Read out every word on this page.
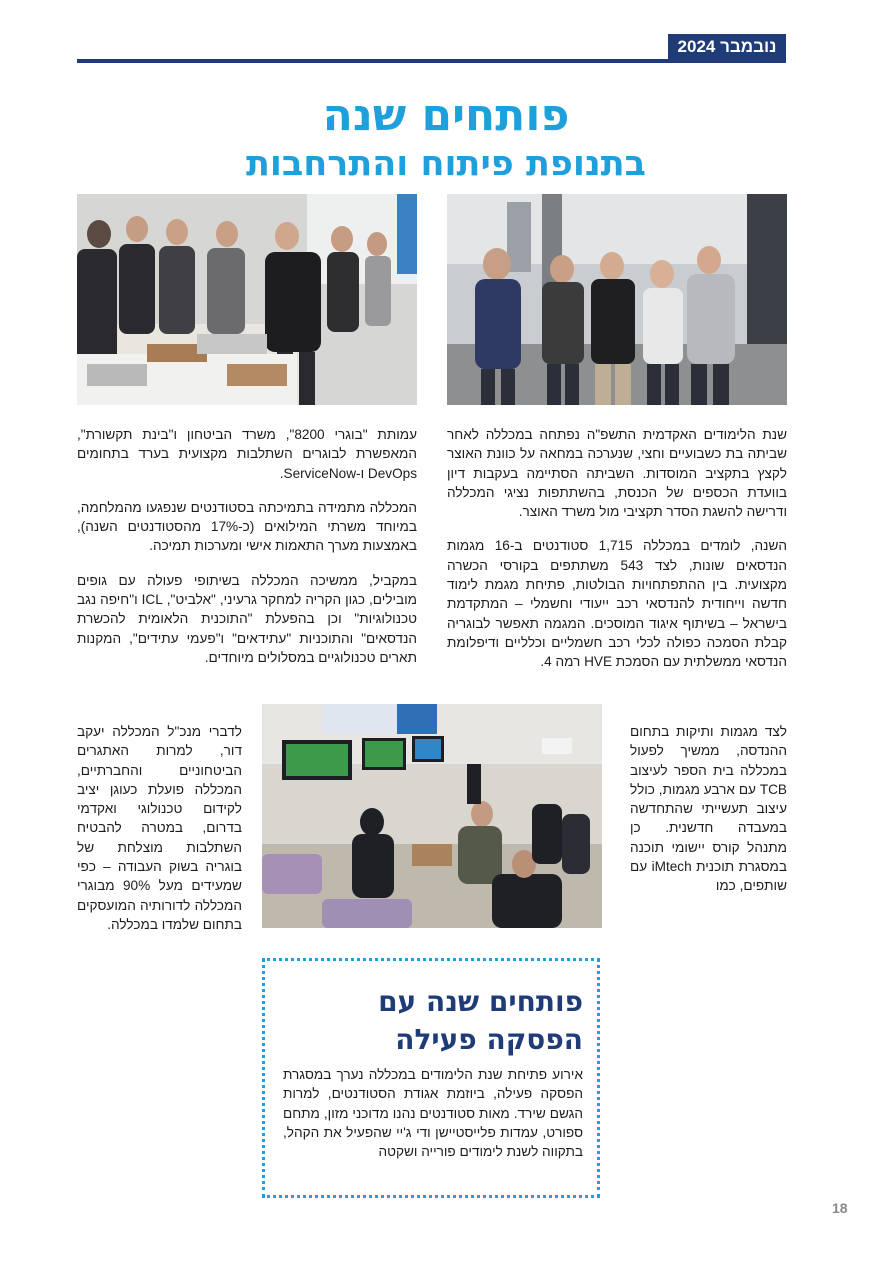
נובמבר 2024
פותחים שנה
בתנופת פיתוח והתרחבות

שנת הלימודים האקדמית התשפ"ה נפתחה במכללה לאחר שביתה בת כשבועיים וחצי, שנערכה במחאה על כוונת האוצר לקצץ בתקציב המוסדות. השביתה הסתיימה בעקבות דיון בוועדת הכספים של הכנסת, בהשתתפות נציגי המכללה ודרישה להשגת הסדר תקציבי מול משרד האוצר.

השנה, לומדים במכללה 1,715 סטודנטים ב-16 מגמות הנדסאים שונות, לצד 543 משתתפים בקורסי הכשרה מקצועית. בין ההתפתחויות הבולטות, פתיחת מגמת לימוד חדשה וייחודית להנדסאי רכב ייעודי וחשמלי – המתקדמת בישראל – בשיתוף איגוד המוסכים. המגמה תאפשר לבוגריה קבלת הסמכה כפולה לכלי רכב חשמליים וכלליים ודיפלומת הנדסאי ממשלתית עם הסמכת HVE רמה 4.

עמותת "בוגרי 8200", משרד הביטחון ו"בינת תקשורת", המאפשרת לבוגרים השתלבות מקצועית בערד בתחומים DevOps ו-ServiceNow.

המכללה מתמידה בתמיכתה בסטודנטים שנפגעו מהמלחמה, במיוחד משרתי המילואים (כ-17% מהסטודנטים השנה), באמצעות מערך התאמות אישי ומערכות תמיכה.

במקביל, ממשיכה המכללה בשיתופי פעולה עם גופים מובילים, כגון הקריה למחקר גרעיני, "אלביט", ICL ו"חיפה נגב טכנולוגיות" וכן בהפעלת "התוכנית הלאומית להכשרת הנדסאים" והתוכניות "עתידאים" ו"פעמי עתידים", המקנות תארים טכנולוגיים במסלולים מיוחדים.

לצד מגמות ותיקות בתחום ההנדסה, ממשיך לפעול במכללה בית הספר לעיצוב TCB עם ארבע מגמות, כולל עיצוב תעשייתי שהתחדשה במעבדה חדשנית. כן מתנהל קורס יישומי תוכנה במסגרת תוכנית iMtech עם שותפים, כמו

לדברי מנכ"ל המכללה יעקב דור, למרות האתגרים הביטחוניים והחברתיים, המכללה פועלת כעוגן יציב לקידום טכנולוגי ואקדמי בדרום, במטרה להבטיח השתלבות מוצלחת של בוגריה בשוק העבודה – כפי שמעידים מעל 90% מבוגרי המכללה לדורותיה המועסקים בתחום שלמדו במכללה.

פותחים שנה עם
הפסקה פעילה

אירוע פתיחת שנת הלימודים במכללה נערך במסגרת הפסקה פעילה, ביוזמת אגודת הסטודנטים, למרות הגשם שירד. מאות סטודנטים נהנו מדוכני מזון, מתחם ספורט, עמדות פלייסטיישן ודי ג'יי שהפעיל את הקהל, בתקווה לשנת לימודים פורייה ושקטה

18
